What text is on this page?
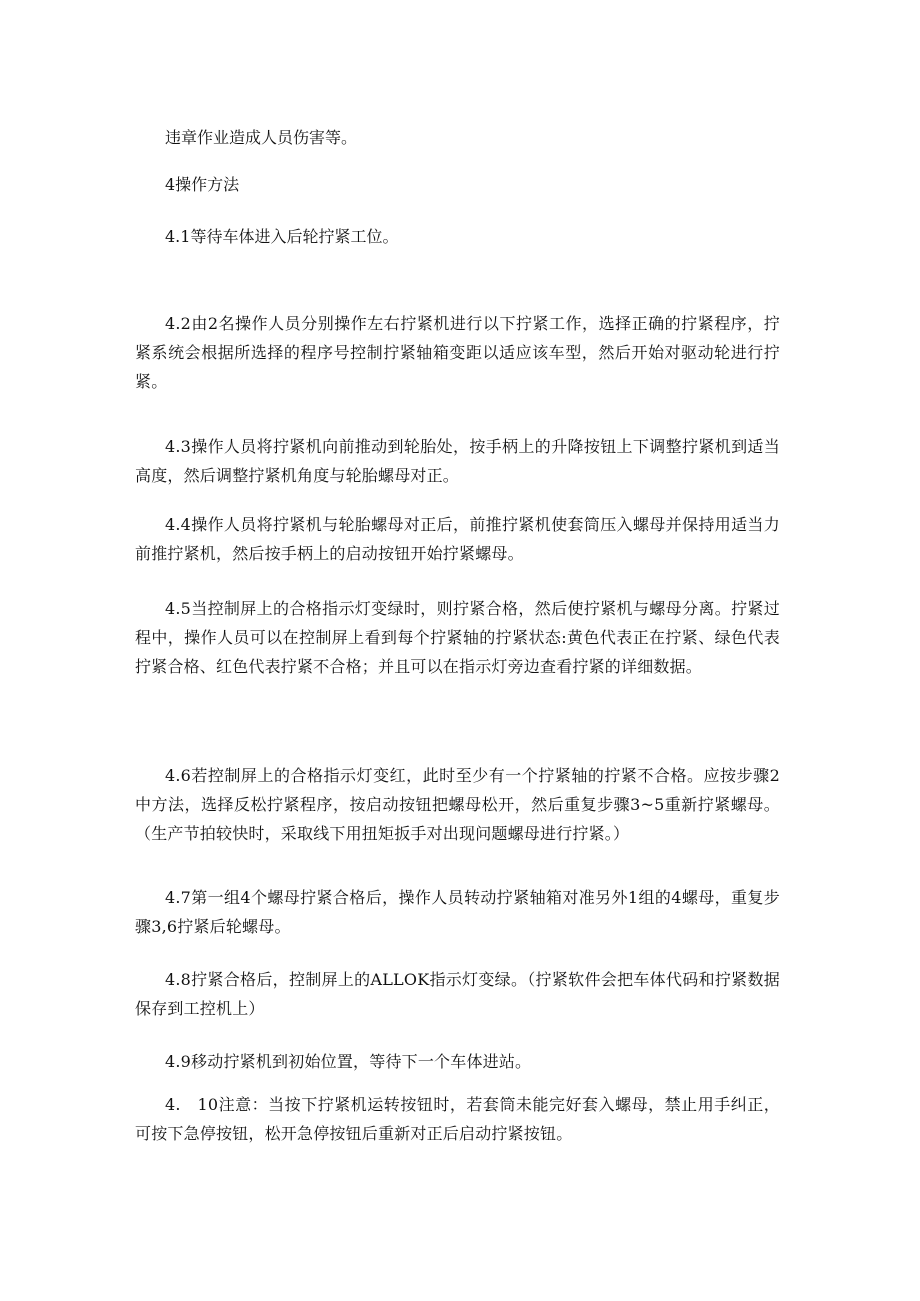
违章作业造成人员伤害等。

4操作方法

4.1等待车体进入后轮拧紧工位。

4.2由2名操作人员分别操作左右拧紧机进行以下拧紧工作，选择正确的拧紧程序，拧紧系统会根据所选择的程序号控制拧紧轴箱变距以适应该车型，然后开始对驱动轮进行拧紧。

4.3操作人员将拧紧机向前推动到轮胎处，按手柄上的升降按钮上下调整拧紧机到适当高度，然后调整拧紧机角度与轮胎螺母对正。

4.4操作人员将拧紧机与轮胎螺母对正后，前推拧紧机使套筒压入螺母并保持用适当力前推拧紧机，然后按手柄上的启动按钮开始拧紧螺母。

4.5当控制屏上的合格指示灯变绿时，则拧紧合格，然后使拧紧机与螺母分离。拧紧过程中，操作人员可以在控制屏上看到每个拧紧轴的拧紧状态:黄色代表正在拧紧、绿色代表拧紧合格、红色代表拧紧不合格；并且可以在指示灯旁边查看拧紧的详细数据。

4.6若控制屏上的合格指示灯变红，此时至少有一个拧紧轴的拧紧不合格。应按步骤2中方法，选择反松拧紧程序，按启动按钮把螺母松开，然后重复步骤3~5重新拧紧螺母。（生产节拍较快时，采取线下用扭矩扳手对出现问题螺母进行拧紧。）

4.7第一组4个螺母拧紧合格后，操作人员转动拧紧轴箱对准另外1组的4螺母，重复步骤3,6拧紧后轮螺母。

4.8拧紧合格后，控制屏上的ALLOK指示灯变绿。（拧紧软件会把车体代码和拧紧数据保存到工控机上）

4.9移动拧紧机到初始位置，等待下一个车体进站。

4.　10注意：当按下拧紧机运转按钮时，若套筒未能完好套入螺母，禁止用手纠正，可按下急停按钮，松开急停按钮后重新对正后启动拧紧按钮。
